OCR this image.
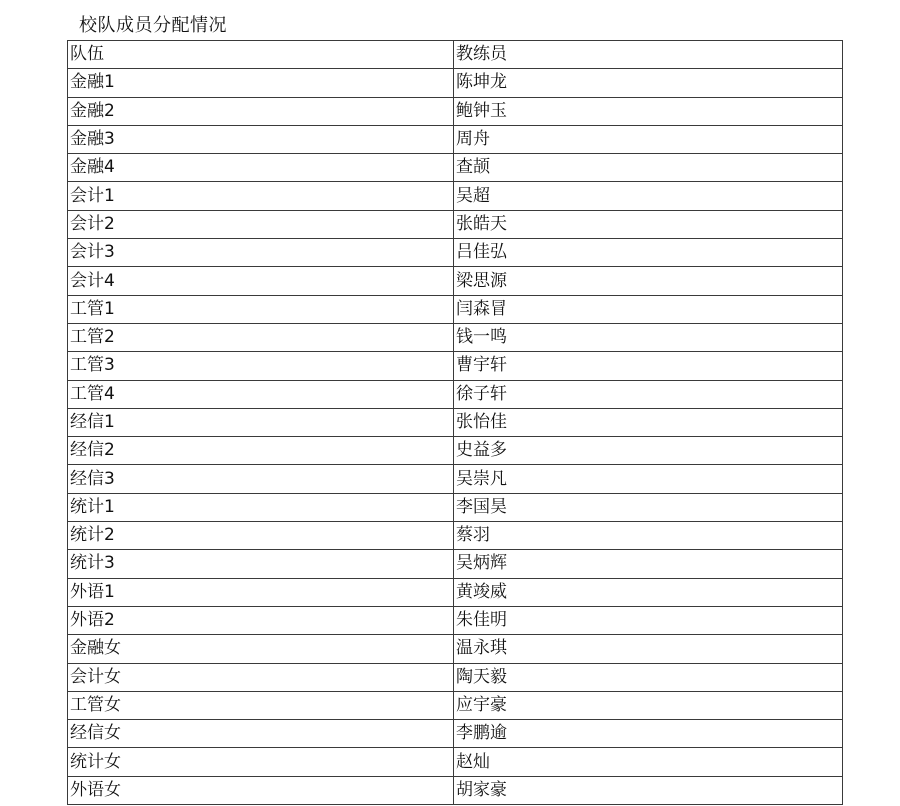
校队成员分配情况
队伍	教练员
金融1	陈坤龙
金融2	鲍钟玉
金融3	周舟
金融4	查颉
会计1	吴超
会计2	张皓天
会计3	吕佳弘
会计4	梁思源
工管1	闫森冒
工管2	钱一鸣
工管3	曹宇轩
工管4	徐子轩
经信1	张怡佳
经信2	史益多
经信3	吴崇凡
统计1	李国昊
统计2	蔡羽
统计3	吴炳辉
外语1	黄竣威
外语2	朱佳明
金融女	温永琪
会计女	陶天毅
工管女	应宇豪
经信女	李鹏逾
统计女	赵灿
外语女	胡家豪
